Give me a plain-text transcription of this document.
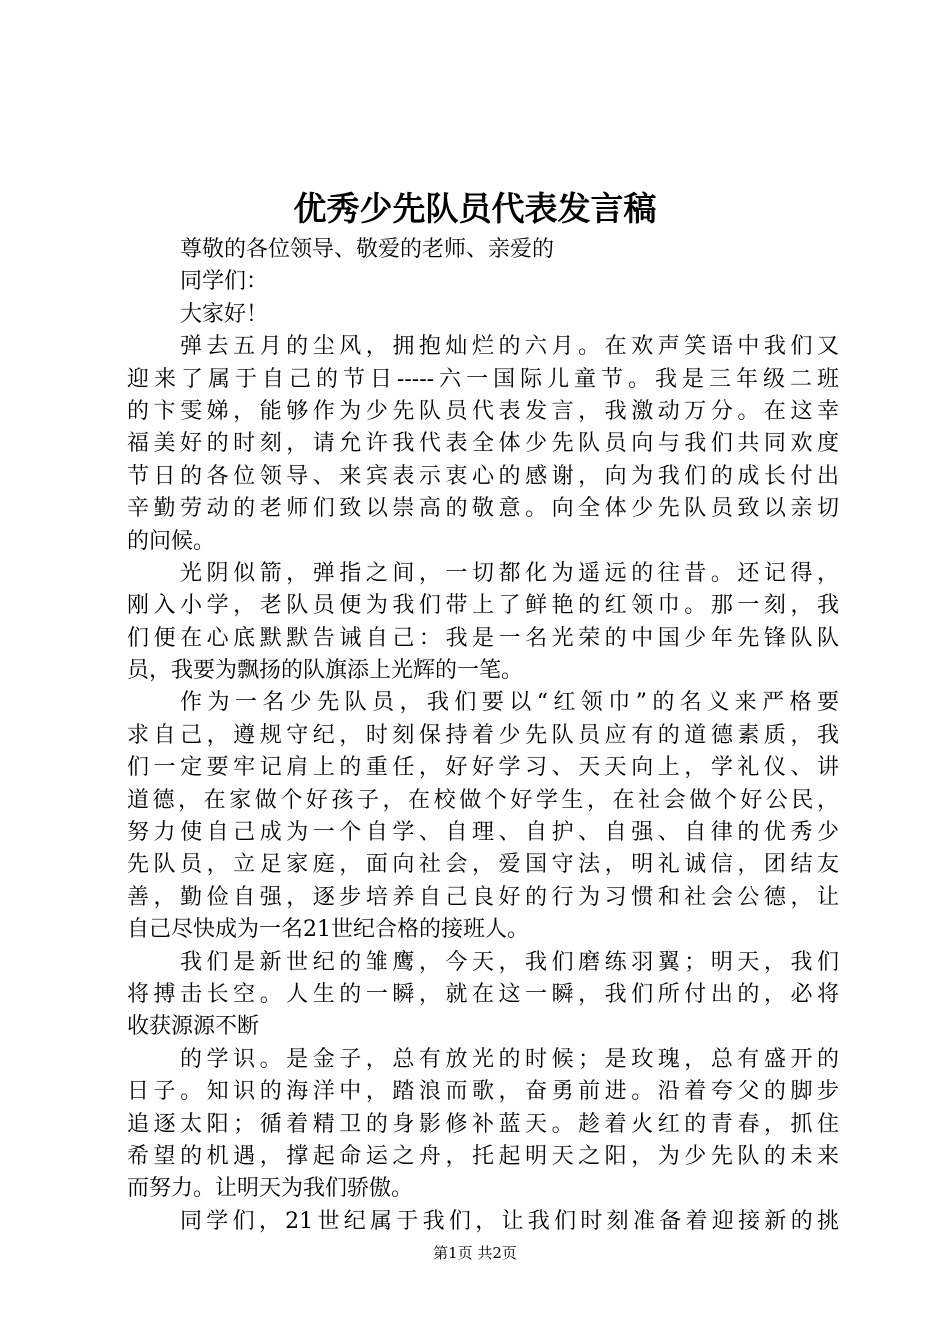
优秀少先队员代表发言稿
尊敬的各位领导、敬爱的老师、亲爱的
同学们：
大家好！
弹去五月的尘风，拥抱灿烂的六月。在欢声笑语中我们又
迎来了属于自己的节日-----六一国际儿童节。我是三年级二班
的卞雯娣，能够作为少先队员代表发言，我激动万分。在这幸
福美好的时刻，请允许我代表全体少先队员向与我们共同欢度
节日的各位领导、来宾表示衷心的感谢，向为我们的成长付出
辛勤劳动的老师们致以崇高的敬意。向全体少先队员致以亲切
的问候。
光阴似箭，弹指之间，一切都化为遥远的往昔。还记得，
刚入小学，老队员便为我们带上了鲜艳的红领巾。那一刻，我
们便在心底默默告诫自己：我是一名光荣的中国少年先锋队队
员，我要为飘扬的队旗添上光辉的一笔。
作为一名少先队员，我们要以“红领巾”的名义来严格要
求自己，遵规守纪，时刻保持着少先队员应有的道德素质，我
们一定要牢记肩上的重任，好好学习、天天向上，学礼仪、讲
道德，在家做个好孩子，在校做个好学生，在社会做个好公民，
努力使自己成为一个自学、自理、自护、自强、自律的优秀少
先队员，立足家庭，面向社会，爱国守法，明礼诚信，团结友
善，勤俭自强，逐步培养自己良好的行为习惯和社会公德，让
自己尽快成为一名21世纪合格的接班人。
我们是新世纪的雏鹰，今天，我们磨练羽翼；明天，我们
将搏击长空。人生的一瞬，就在这一瞬，我们所付出的，必将
收获源源不断
的学识。是金子，总有放光的时候；是玫瑰，总有盛开的
日子。知识的海洋中，踏浪而歌，奋勇前进。沿着夸父的脚步
追逐太阳；循着精卫的身影修补蓝天。趁着火红的青春，抓住
希望的机遇，撑起命运之舟，托起明天之阳，为少先队的未来
而努力。让明天为我们骄傲。
同学们，21世纪属于我们，让我们时刻准备着迎接新的挑
第1页 共2页
